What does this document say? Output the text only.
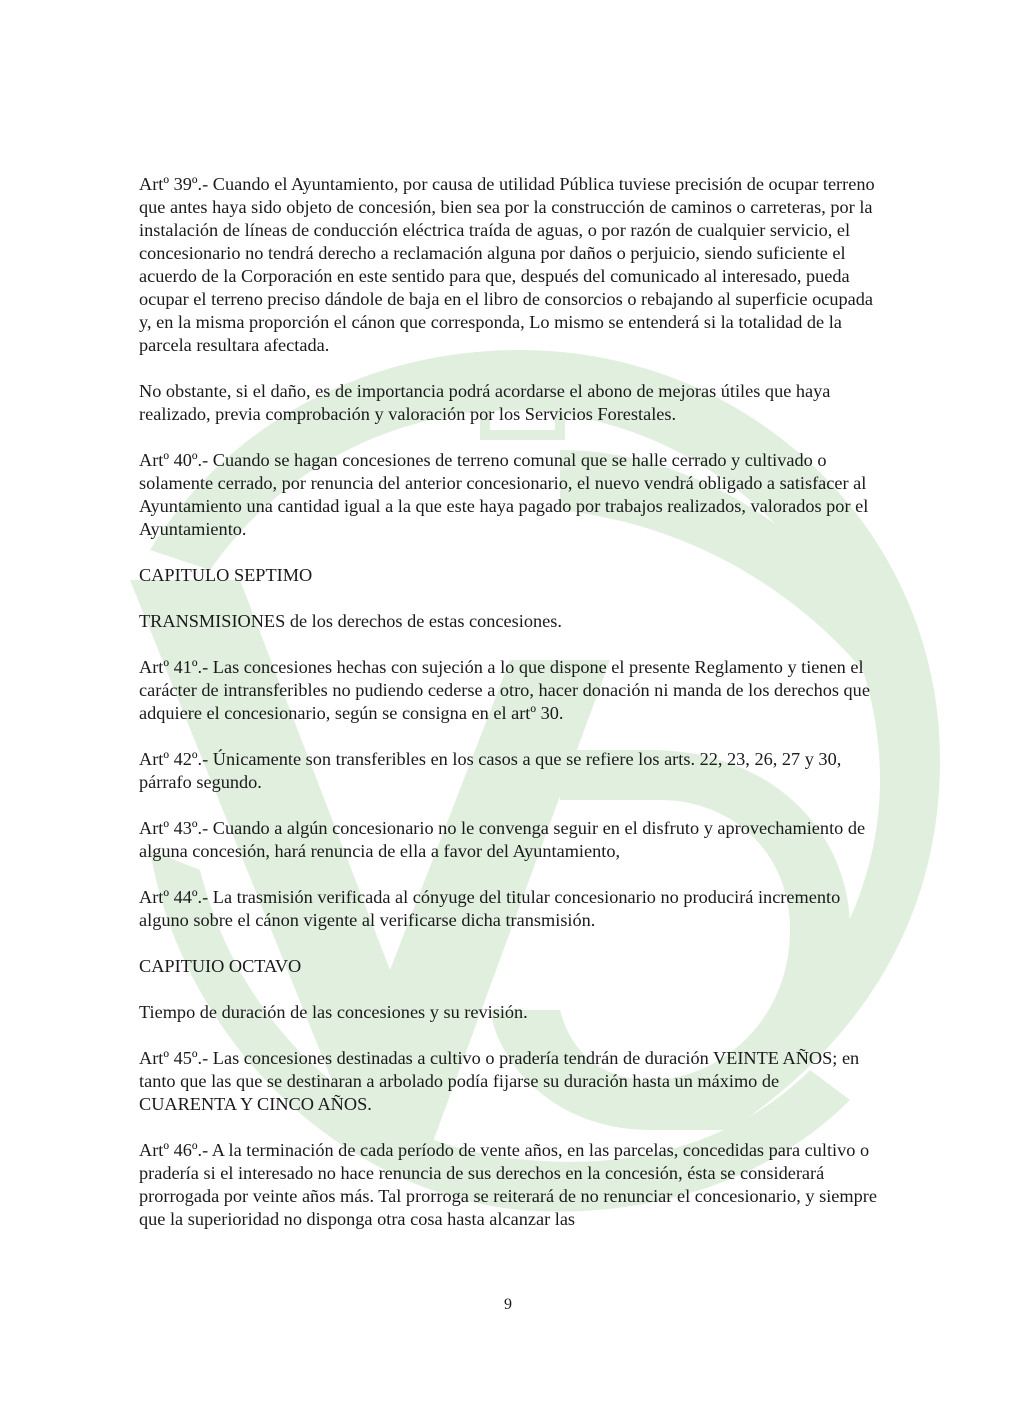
Artº 39º.- Cuando el Ayuntamiento, por causa de utilidad Pública tuviese precisión de ocupar terreno que antes haya sido objeto de concesión, bien sea por la construcción de caminos o carreteras, por la instalación de líneas de conducción eléctrica traída de aguas, o por razón de cualquier servicio, el concesionario no tendrá derecho a reclamación alguna por daños o perjuicio, siendo suficiente el acuerdo de la Corporación en este sentido para que, después del comunicado al interesado, pueda ocupar el terreno preciso dándole de baja en el libro de consorcios o rebajando al superficie ocupada y, en la misma proporción el cánon que corresponda, Lo mismo se entenderá si la totalidad de la parcela resultara afectada.

No obstante, si el daño, es de importancia podrá acordarse el abono de mejoras útiles que haya realizado, previa comprobación y valoración por los Servicios Forestales.

Artº 40º.- Cuando se hagan concesiones de terreno comunal que se halle cerrado y cultivado o solamente cerrado, por renuncia del anterior concesionario, el nuevo vendrá obligado a satisfacer al Ayuntamiento una cantidad igual a la que este haya pagado por trabajos realizados, valorados por el Ayuntamiento.

CAPITULO SEPTIMO

TRANSMISIONES de los derechos de estas concesiones.

Artº 41º.- Las concesiones hechas con sujeción a lo que dispone el presente Reglamento y tienen el carácter de intransferibles no pudiendo cederse a otro, hacer donación ni manda de los derechos que adquiere el concesionario, según se consigna en el artº 30.

Artº 42º.- Únicamente son transferibles en los casos a que se refiere los arts. 22, 23, 26, 27 y 30, párrafo segundo.

Artº 43º.- Cuando a algún concesionario no le convenga seguir en el disfruto y aprovechamiento de alguna concesión, hará renuncia de ella a favor del Ayuntamiento,

Artº 44º.- La trasmisión verificada al cónyuge del titular concesionario no producirá incremento alguno sobre el cánon vigente al verificarse dicha transmisión.

CAPITUIO OCTAVO

Tiempo de duración de las concesiones y su revisión.

Artº 45º.- Las concesiones destinadas a cultivo o pradería tendrán de duración VEINTE AÑOS; en tanto que las que se destinaran a arbolado podía fijarse su duración hasta un máximo de CUARENTA Y CINCO AÑOS.

Artº 46º.- A la terminación de cada período de vente años, en las parcelas, concedidas para cultivo o pradería si el interesado no hace renuncia de sus derechos en la concesión, ésta se considerará prorrogada por veinte años más. Tal prorroga se reiterará de no renunciar el concesionario, y siempre que la superioridad no disponga otra cosa hasta alcanzar las

9
